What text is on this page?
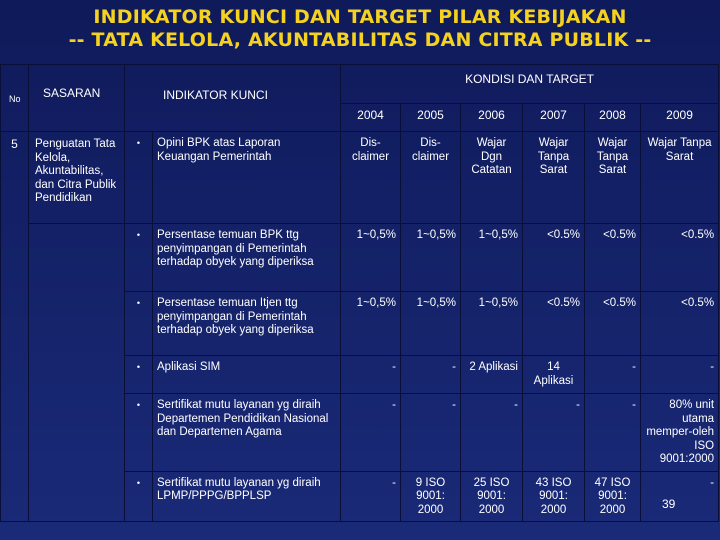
INDIKATOR KUNCI DAN TARGET PILAR KEBIJAKAN
-- TATA KELOLA, AKUNTABILITAS DAN CITRA PUBLIK --
No	SASARAN	INDIKATOR KUNCI		KONDISI DAN TARGET					
				2004	2005	2006	2007	2008	2009
5	Penguatan Tata Kelola, Akuntabilitas, dan Citra Publik Pendidikan	•	Opini BPK atas Laporan Keuangan Pemerintah	Dis-claimer	Dis-claimer	Wajar Dgn Catatan	Wajar Tanpa Sarat	Wajar Tanpa Sarat	Wajar Tanpa Sarat
		•	Persentase temuan BPK ttg penyimpangan di Pemerintah terhadap obyek yang diperiksa	1~0,5%	1~0,5%	1~0,5%	<0.5%	<0.5%	<0.5%
		•	Persentase temuan Itjen ttg penyimpangan di Pemerintah terhadap obyek yang diperiksa	1~0,5%	1~0,5%	1~0,5%	<0.5%	<0.5%	<0.5%
		•	Aplikasi SIM	-	-	2 Aplikasi	14 Aplikasi	-	-
		•	Sertifikat mutu layanan yg diraih Departemen Pendidikan Nasional dan Departemen Agama	-	-	-	-	-	80% unit utama memper-oleh ISO 9001:2000
		•	Sertifikat mutu layanan yg diraih LPMP/PPPG/BPPLSP	-	9 ISO 9001: 2000	25 ISO 9001: 2000	43 ISO 9001: 2000	47 ISO 9001: 2000	-
39
